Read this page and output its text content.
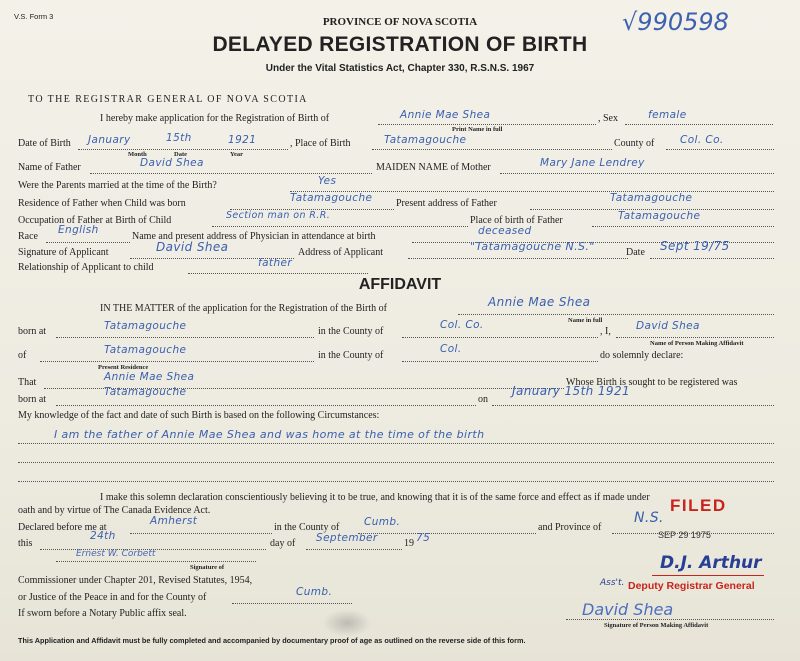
V.S. Form 3	PROVINCE OF NOVA SCOTIA
DELAYED REGISTRATION OF BIRTH
Under the Vital Statistics Act, Chapter 330, R.S.N.S. 1967
√990598
TO THE REGISTRAR GENERAL OF NOVA SCOTIA
I hereby make application for the Registration of Birth of	Annie Mae Shea
Print Name in full
, Sex	female
Date of Birth January	15th	1921
Month	Date	Year
, Place of Birth	Tatamagouche	County of Col. Co.
Name of Father	David Shea	MAIDEN NAME of Mother	Mary Jane Lendrey
Were the Parents married at the time of the Birth?	Yes
Residence of Father when Child was born	Tatamagouche Present address of Father	Tatamagouche
Occupation of Father at Birth of Child	Section man on R.R.	Place of birth of Father	Tatamagouche
Race
English
Name and present address of Physician in attendance at birth	deceased
Signature of Applicant	David Shea	Address of Applicant	"Tatamagouche N.S."	Date Sept 19/75
Relationship of Applicant to child	father
AFFIDAVIT
IN THE MATTER of the application for the Registration of the Birth of	Annie Mae Shea
Name in full
born at	Tatamagouche	in the County of
Col. Co.
, I, David Shea
Name of Person Making Affidavit
of	Tatamagouche	in the County of
Col.
do solemnly declare:
Present Residence
That	Annie Mae Shea	Whose Birth is sought to be registered was
born at
Tatamagouche
on
January 15th 1921
My knowledge of the fact and date of such Birth is based on the following Circumstances:
I am the father of Annie Mae Shea and was home at the time of the birth
I make this solemn declaration conscientiously believing it to be true, and knowing that it is of the same force and effect as if made under
oath and by virtue of The Canada Evidence Act.
Declared before me at
Amherst
in the County of Cumb.	and Province of
N.S.
this
24th
day of September	19 75
Ernest W. Corbett
Signature of
Commissioner under Chapter 201, Revised Statutes, 1954,
or Justice of the Peace in and for the County of	Cumb.
If sworn before a Notary Public affix seal.
FILED
SEP 29 1975
D.J. Arthur
Ass't. Deputy Registrar General
David Shea
Signature of Person Making Affidavit
This Application and Affidavit must be fully completed and accompanied by documentary proof of age as outlined on the reverse side of this form.
